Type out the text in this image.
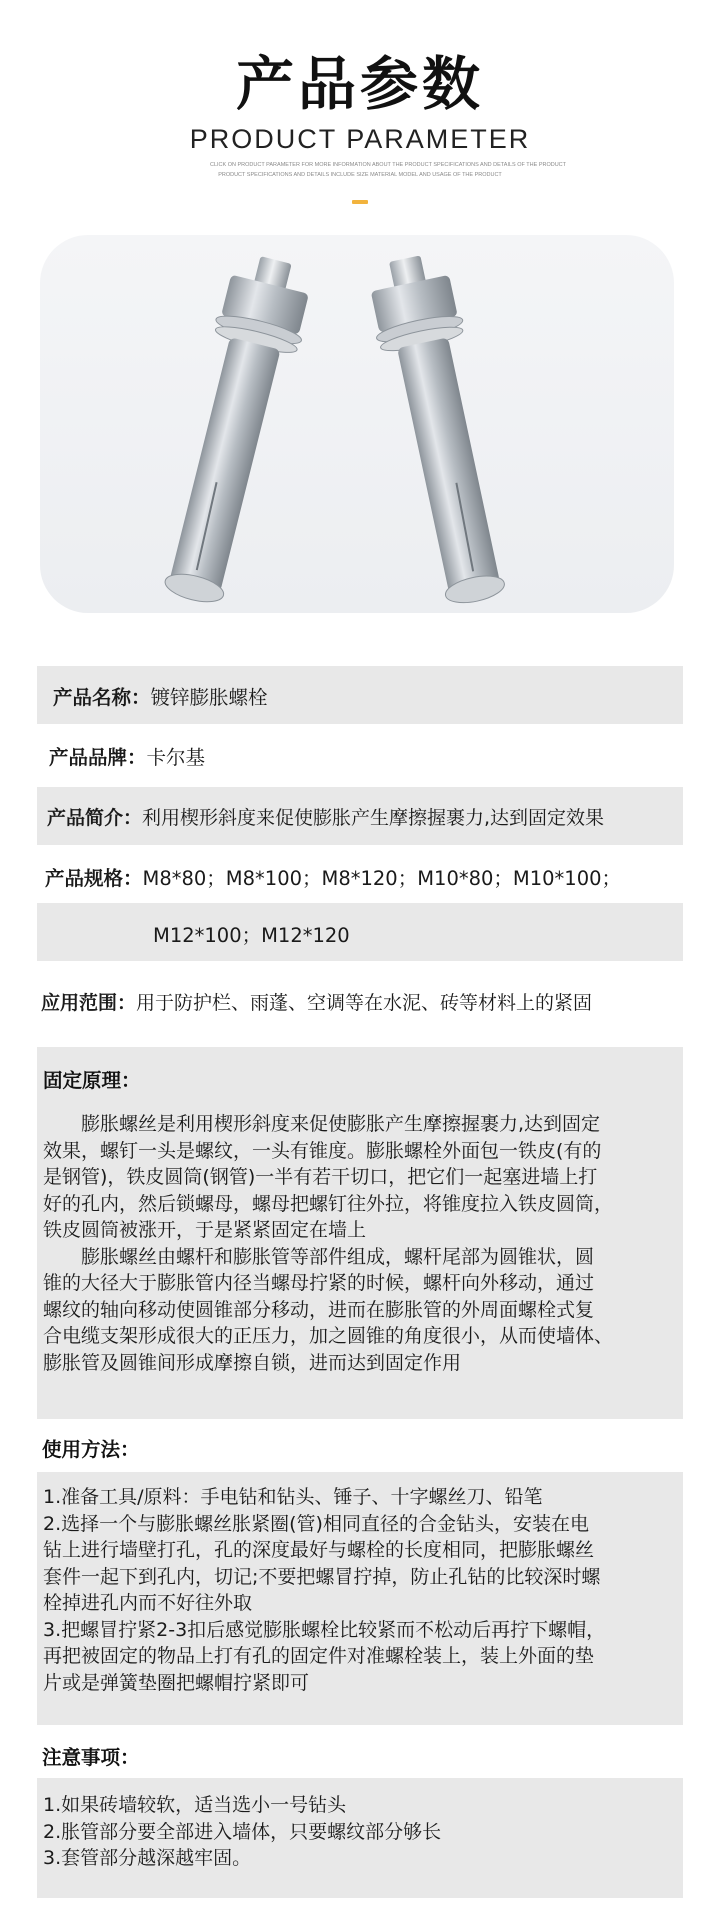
产品参数
PRODUCT PARAMETER
CLICK ON PRODUCT PARAMETER FOR MORE INFORMATION ABOUT THE PRODUCT SPECIFICATIONS AND DETAILS OF THE PRODUCT
PRODUCT SPECIFICATIONS AND DETAILS INCLUDE SIZE MATERIAL MODEL AND USAGE OF THE PRODUCT
产品名称：镀锌膨胀螺栓
产品品牌：卡尔基
产品简介：利用楔形斜度来促使膨胀产生摩擦握裹力,达到固定效果
产品规格：M8*80；M8*100；M8*120；M10*80；M10*100；
M12*100；M12*120
应用范围：用于防护栏、雨蓬、空调等在水泥、砖等材料上的紧固
固定原理：
膨胀螺丝是利用楔形斜度来促使膨胀产生摩擦握裹力,达到固定
效果，螺钉一头是螺纹，一头有锥度。膨胀螺栓外面包一铁皮(有的
是钢管)，铁皮圆筒(钢管)一半有若干切口，把它们一起塞进墙上打
好的孔内，然后锁螺母，螺母把螺钉往外拉，将锥度拉入铁皮圆筒，
铁皮圆筒被涨开，于是紧紧固定在墙上
膨胀螺丝由螺杆和膨胀管等部件组成，螺杆尾部为圆锥状，圆
锥的大径大于膨胀管内径当螺母拧紧的时候，螺杆向外移动，通过
螺纹的轴向移动使圆锥部分移动，进而在膨胀管的外周面螺栓式复
合电缆支架形成很大的正压力，加之圆锥的角度很小，从而使墙体、
膨胀管及圆锥间形成摩擦自锁，进而达到固定作用
使用方法：
1.准备工具/原料：手电钻和钻头、锤子、十字螺丝刀、铅笔
2.选择一个与膨胀螺丝胀紧圈(管)相同直径的合金钻头，安装在电
钻上进行墙壁打孔，孔的深度最好与螺栓的长度相同，把膨胀螺丝
套件一起下到孔内，切记;不要把螺冒拧掉，防止孔钻的比较深时螺
栓掉进孔内而不好往外取
3.把螺冒拧紧2-3扣后感觉膨胀螺栓比较紧而不松动后再拧下螺帽，
再把被固定的物品上打有孔的固定件对准螺栓装上，装上外面的垫
片或是弹簧垫圈把螺帽拧紧即可
注意事项：
1.如果砖墙较软，适当选小一号钻头
2.胀管部分要全部进入墙体，只要螺纹部分够长
3.套管部分越深越牢固。
